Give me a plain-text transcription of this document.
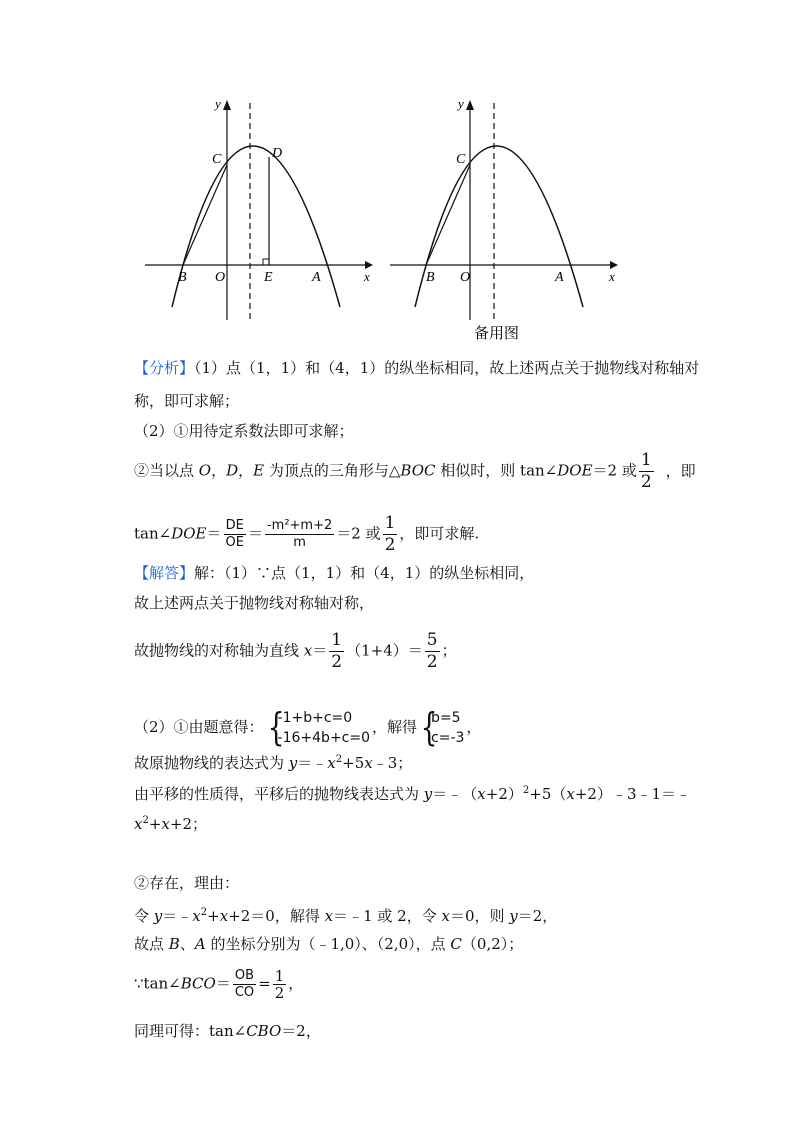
y
C	D
B O	E	A	x
y
C
B O	A	x
备用图
【分析】（1）点（1，1）和（4，1）的纵坐标相同，故上述两点关于抛物线对称轴对
称，即可求解；
（2）①用待定系数法即可求解；
②当以点 O，D，E 为顶点的三角形与△BOC 相似时，则 tan∠DOE＝2 或 $\frac{1}{2}$ ，即
tan∠DOE＝ $\frac{DE}{OE} = \frac{\text{-m²+m+2}}{m} =2$ 或 $\frac{1}{2}$ ，即可求解.
【解答】解：（1）∵点（1，1）和（4，1）的纵坐标相同，
故上述两点关于抛物线对称轴对称，
故抛物线的对称轴为直线 $x= \frac{1}{2} (1+4)= \frac{5}{2}$ ；
（2）①由题意得： {
-1+b+c=0
-16+4b+c=0
，解得 {
b=5
c=-3
，
故原抛物线的表达式为 $y=﹣x^2+5x﹣3$；
由平移的性质得，平移后的抛物线表达式为 $y=﹣(x+2)^2+5(x+2)﹣3﹣1=﹣$
$x^2+x+2$；
②存在，理由：
令 $y=﹣x^2+x+2=0$，解得 x＝﹣1 或 2，令 x＝0，则 y＝2，
故点 B、A 的坐标分别为（﹣1,0）、（2,0），点 C（0,2）；
∵tan∠BCO＝ $\frac{OB}{CO} = \frac{1}{2}$ ，
同理可得：tan∠CBO＝2，
